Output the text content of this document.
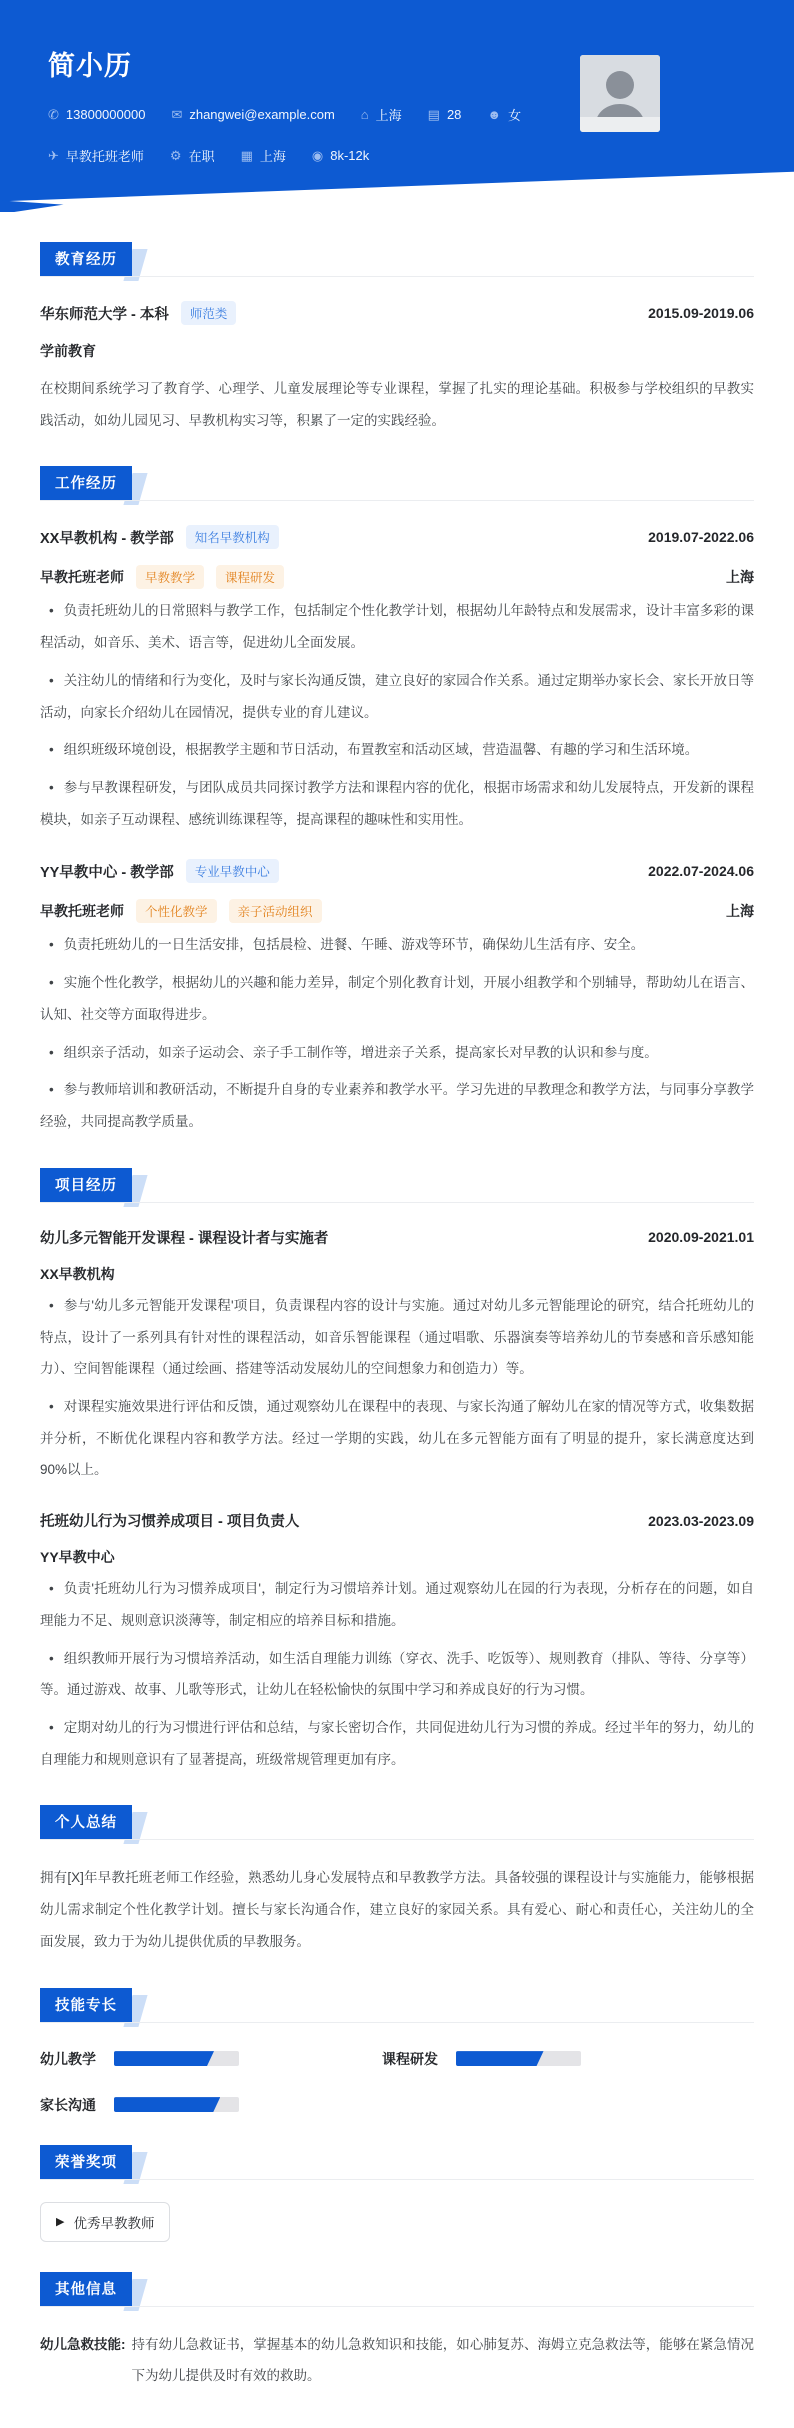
简小历
✆ 13800000000 ✉ zhangwei@example.com ⌂ 上海 ▤ 28 ☻ 女
✈ 早教托班老师 ⚙ 在职 ▦ 上海 ◉ 8k-12k
教育经历
华东师范大学 - 本科	师范类	2015.09-2019.06
学前教育
在校期间系统学习了教育学、心理学、儿童发展理论等专业课程，掌握了扎实的理论基础。积极参与学校组织的早教实践活动，如幼儿园见习、早教机构实习等，积累了一定的实践经验。
工作经历
XX早教机构 - 教学部	知名早教机构	2019.07-2022.06
早教托班老师	早教教学	课程研发	上海

• 负责托班幼儿的日常照料与教学工作，包括制定个性化教学计划，根据幼儿年龄特点和发展需求，设计丰富多彩的课程活动，如音乐、美术、语言等，促进幼儿全面发展。

• 关注幼儿的情绪和行为变化，及时与家长沟通反馈，建立良好的家园合作关系。通过定期举办家长会、家长开放日等活动，向家长介绍幼儿在园情况，提供专业的育儿建议。

• 组织班级环境创设，根据教学主题和节日活动，布置教室和活动区域，营造温馨、有趣的学习和生活环境。

• 参与早教课程研发，与团队成员共同探讨教学方法和课程内容的优化，根据市场需求和幼儿发展特点，开发新的课程模块，如亲子互动课程、感统训练课程等，提高课程的趣味性和实用性。

YY早教中心 - 教学部	专业早教中心	2022.07-2024.06
早教托班老师	个性化教学	亲子活动组织	上海

• 负责托班幼儿的一日生活安排，包括晨检、进餐、午睡、游戏等环节，确保幼儿生活有序、安全。

• 实施个性化教学，根据幼儿的兴趣和能力差异，制定个别化教育计划，开展小组教学和个别辅导，帮助幼儿在语言、认知、社交等方面取得进步。

• 组织亲子活动，如亲子运动会、亲子手工制作等，增进亲子关系，提高家长对早教的认识和参与度。

• 参与教师培训和教研活动，不断提升自身的专业素养和教学水平。学习先进的早教理念和教学方法，与同事分享教学经验，共同提高教学质量。

项目经历
幼儿多元智能开发课程 - 课程设计者与实施者	2020.09-2021.01
XX早教机构

• 参与'幼儿多元智能开发课程'项目，负责课程内容的设计与实施。通过对幼儿多元智能理论的研究，结合托班幼儿的特点，设计了一系列具有针对性的课程活动，如音乐智能课程（通过唱歌、乐器演奏等培养幼儿的节奏感和音乐感知能力）、空间智能课程（通过绘画、搭建等活动发展幼儿的空间想象力和创造力）等。

• 对课程实施效果进行评估和反馈，通过观察幼儿在课程中的表现、与家长沟通了解幼儿在家的情况等方式，收集数据并分析，不断优化课程内容和教学方法。经过一学期的实践，幼儿在多元智能方面有了明显的提升，家长满意度达到90%以上。

托班幼儿行为习惯养成项目 - 项目负责人	2023.03-2023.09
YY早教中心

• 负责'托班幼儿行为习惯养成项目'，制定行为习惯培养计划。通过观察幼儿在园的行为表现，分析存在的问题，如自理能力不足、规则意识淡薄等，制定相应的培养目标和措施。

• 组织教师开展行为习惯培养活动，如生活自理能力训练（穿衣、洗手、吃饭等）、规则教育（排队、等待、分享等）等。通过游戏、故事、儿歌等形式，让幼儿在轻松愉快的氛围中学习和养成良好的行为习惯。

• 定期对幼儿的行为习惯进行评估和总结，与家长密切合作，共同促进幼儿行为习惯的养成。经过半年的努力，幼儿的自理能力和规则意识有了显著提高，班级常规管理更加有序。

个人总结
拥有[X]年早教托班老师工作经验，熟悉幼儿身心发展特点和早教教学方法。具备较强的课程设计与实施能力，能够根据幼儿需求制定个性化教学计划。擅长与家长沟通合作，建立良好的家园关系。具有爱心、耐心和责任心，关注幼儿的全面发展，致力于为幼儿提供优质的早教服务。
技能专长
幼儿教学	课程研发
家长沟通
荣誉奖项
▶ 优秀早教教师
其他信息
幼儿急救技能: 持有幼儿急救证书，掌握基本的幼儿急救知识和技能，如心肺复苏、海姆立克急救法等，能够在紧急情况下为幼儿提供及时有效的救助。
